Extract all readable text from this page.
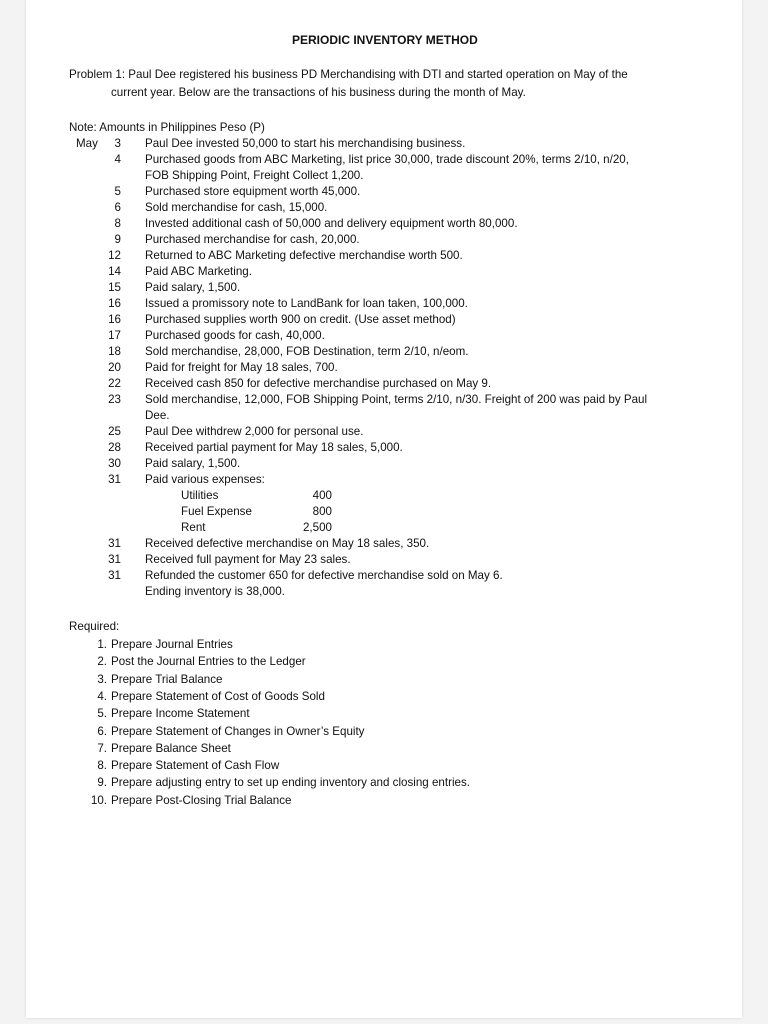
PERIODIC INVENTORY METHOD
Problem 1: Paul Dee registered his business PD Merchandising with DTI and started operation on May of the
current year. Below are the transactions of his business during the month of May.
Note: Amounts in Philippines Peso (P)
May	3 Paul Dee invested 50,000 to start his merchandising business.
4 Purchased goods from ABC Marketing, list price 30,000, trade discount 20%, terms 2/10, n/20,
FOB Shipping Point, Freight Collect 1,200.
5 Purchased store equipment worth 45,000.
6 Sold merchandise for cash, 15,000.
8 Invested additional cash of 50,000 and delivery equipment worth 80,000.
9 Purchased merchandise for cash, 20,000.
12 Returned to ABC Marketing defective merchandise worth 500.
14 Paid ABC Marketing.
15 Paid salary, 1,500.
16 Issued a promissory note to LandBank for loan taken, 100,000.
16 Purchased supplies worth 900 on credit. (Use asset method)
17 Purchased goods for cash, 40,000.
18 Sold merchandise, 28,000, FOB Destination, term 2/10, n/eom.
20 Paid for freight for May 18 sales, 700.
22 Received cash 850 for defective merchandise purchased on May 9.
23 Sold merchandise, 12,000, FOB Shipping Point, terms 2/10, n/30. Freight of 200 was paid by Paul
Dee.
25 Paul Dee withdrew 2,000 for personal use.
28 Received partial payment for May 18 sales, 5,000.
30 Paid salary, 1,500.
31 Paid various expenses:
Utilities	400
Fuel Expense	800
Rent	2,500
31 Received defective merchandise on May 18 sales, 350.
31 Received full payment for May 23 sales.
31 Refunded the customer 650 for defective merchandise sold on May 6.
Ending inventory is 38,000.
Required:
1. Prepare Journal Entries
2. Post the Journal Entries to the Ledger
3. Prepare Trial Balance
4. Prepare Statement of Cost of Goods Sold
5. Prepare Income Statement
6. Prepare Statement of Changes in Owner’s Equity
7. Prepare Balance Sheet
8. Prepare Statement of Cash Flow
9. Prepare adjusting entry to set up ending inventory and closing entries.
10. Prepare Post-Closing Trial Balance
